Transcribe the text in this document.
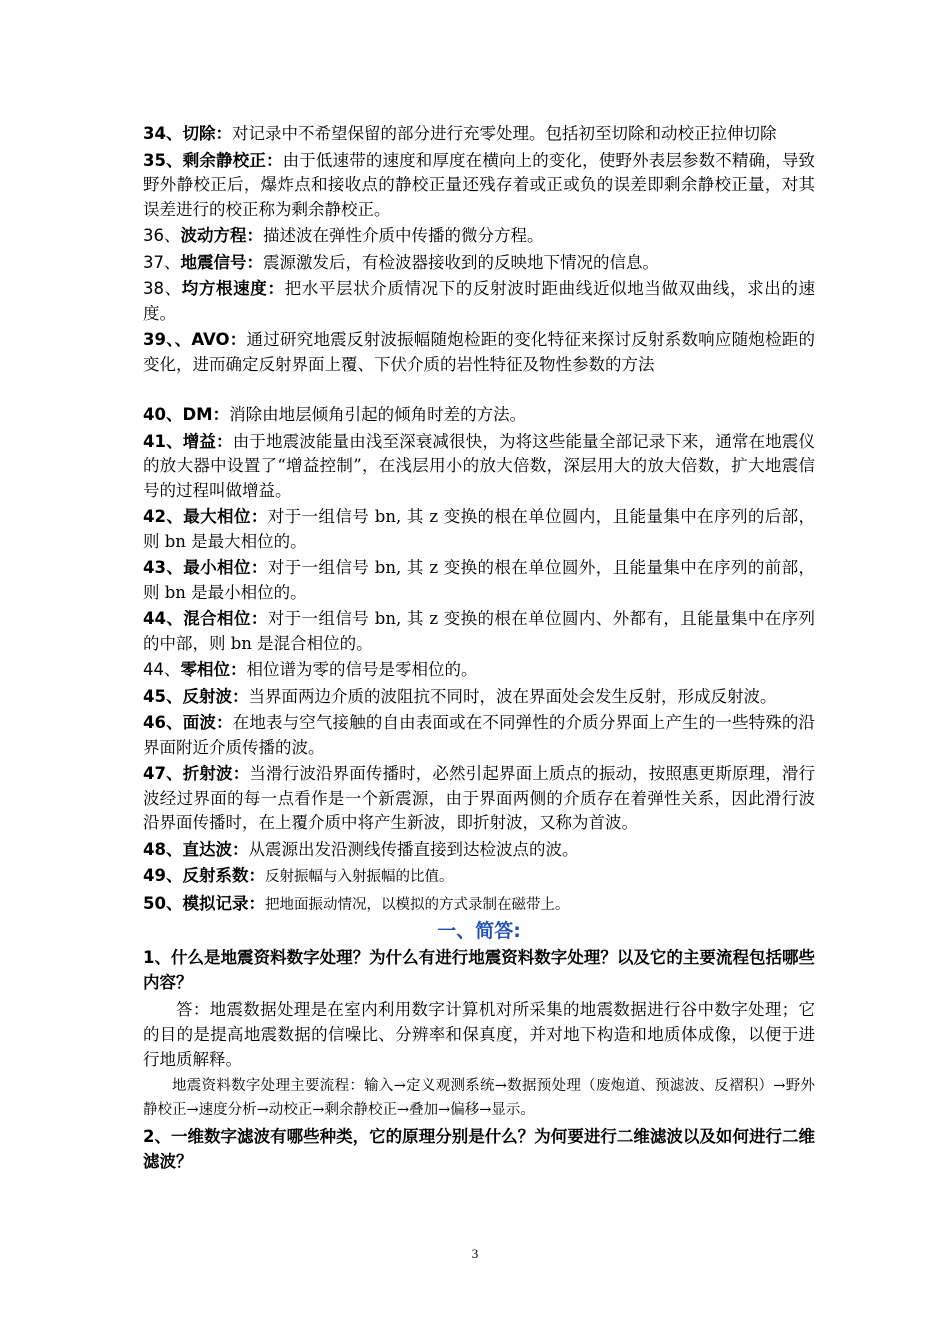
34、切除：对记录中不希望保留的部分进行充零处理。包括初至切除和动校正拉伸切除

35、剩余静校正：由于低速带的速度和厚度在横向上的变化，使野外表层参数不精确，导致野外静校正后，爆炸点和接收点的静校正量还残存着或正或负的误差即剩余静校正量，对其误差进行的校正称为剩余静校正。

36、波动方程：描述波在弹性介质中传播的微分方程。

37、地震信号：震源激发后，有检波器接收到的反映地下情况的信息。

38、均方根速度：把水平层状介质情况下的反射波时距曲线近似地当做双曲线，求出的速度。

39、、AVO：通过研究地震反射波振幅随炮检距的变化特征来探讨反射系数响应随炮检距的变化，进而确定反射界面上覆、下伏介质的岩性特征及物性参数的方法

40、DM：消除由地层倾角引起的倾角时差的方法。

41、增益：由于地震波能量由浅至深衰减很快，为将这些能量全部记录下来，通常在地震仪的放大器中设置了“增益控制”，在浅层用小的放大倍数，深层用大的放大倍数，扩大地震信号的过程叫做增益。

42、最大相位：对于一组信号 bn, 其 z 变换的根在单位圆内，且能量集中在序列的后部，则 bn 是最大相位的。

43、最小相位：对于一组信号 bn, 其 z 变换的根在单位圆外，且能量集中在序列的前部，则 bn 是最小相位的。

44、混合相位：对于一组信号 bn, 其 z 变换的根在单位圆内、外都有，且能量集中在序列的中部，则 bn 是混合相位的。

44、零相位：相位谱为零的信号是零相位的。

45、反射波：当界面两边介质的波阻抗不同时，波在界面处会发生反射，形成反射波。

46、面波：在地表与空气接触的自由表面或在不同弹性的介质分界面上产生的一些特殊的沿界面附近介质传播的波。

47、折射波：当滑行波沿界面传播时，必然引起界面上质点的振动，按照惠更斯原理，滑行波经过界面的每一点看作是一个新震源，由于界面两侧的介质存在着弹性关系，因此滑行波沿界面传播时，在上覆介质中将产生新波，即折射波，又称为首波。

48、直达波：从震源出发沿测线传播直接到达检波点的波。

49、反射系数：反射振幅与入射振幅的比值。

50、模拟记录：把地面振动情况，以模拟的方式录制在磁带上。

一、简答:

1、什么是地震资料数字处理？为什么有进行地震资料数字处理？以及它的主要流程包括哪些内容？

答：地震数据处理是在室内利用数字计算机对所采集的地震数据进行谷中数字处理；它的目的是提高地震数据的信噪比、分辨率和保真度，并对地下构造和地质体成像，以便于进行地质解释。

地震资料数字处理主要流程：输入→定义观测系统→数据预处理（废炮道、预滤波、反褶积）→野外静校正→速度分析→动校正→剩余静校正→叠加→偏移→显示。

2、一维数字滤波有哪些种类，它的原理分别是什么？为何要进行二维滤波以及如何进行二维滤波？

3
